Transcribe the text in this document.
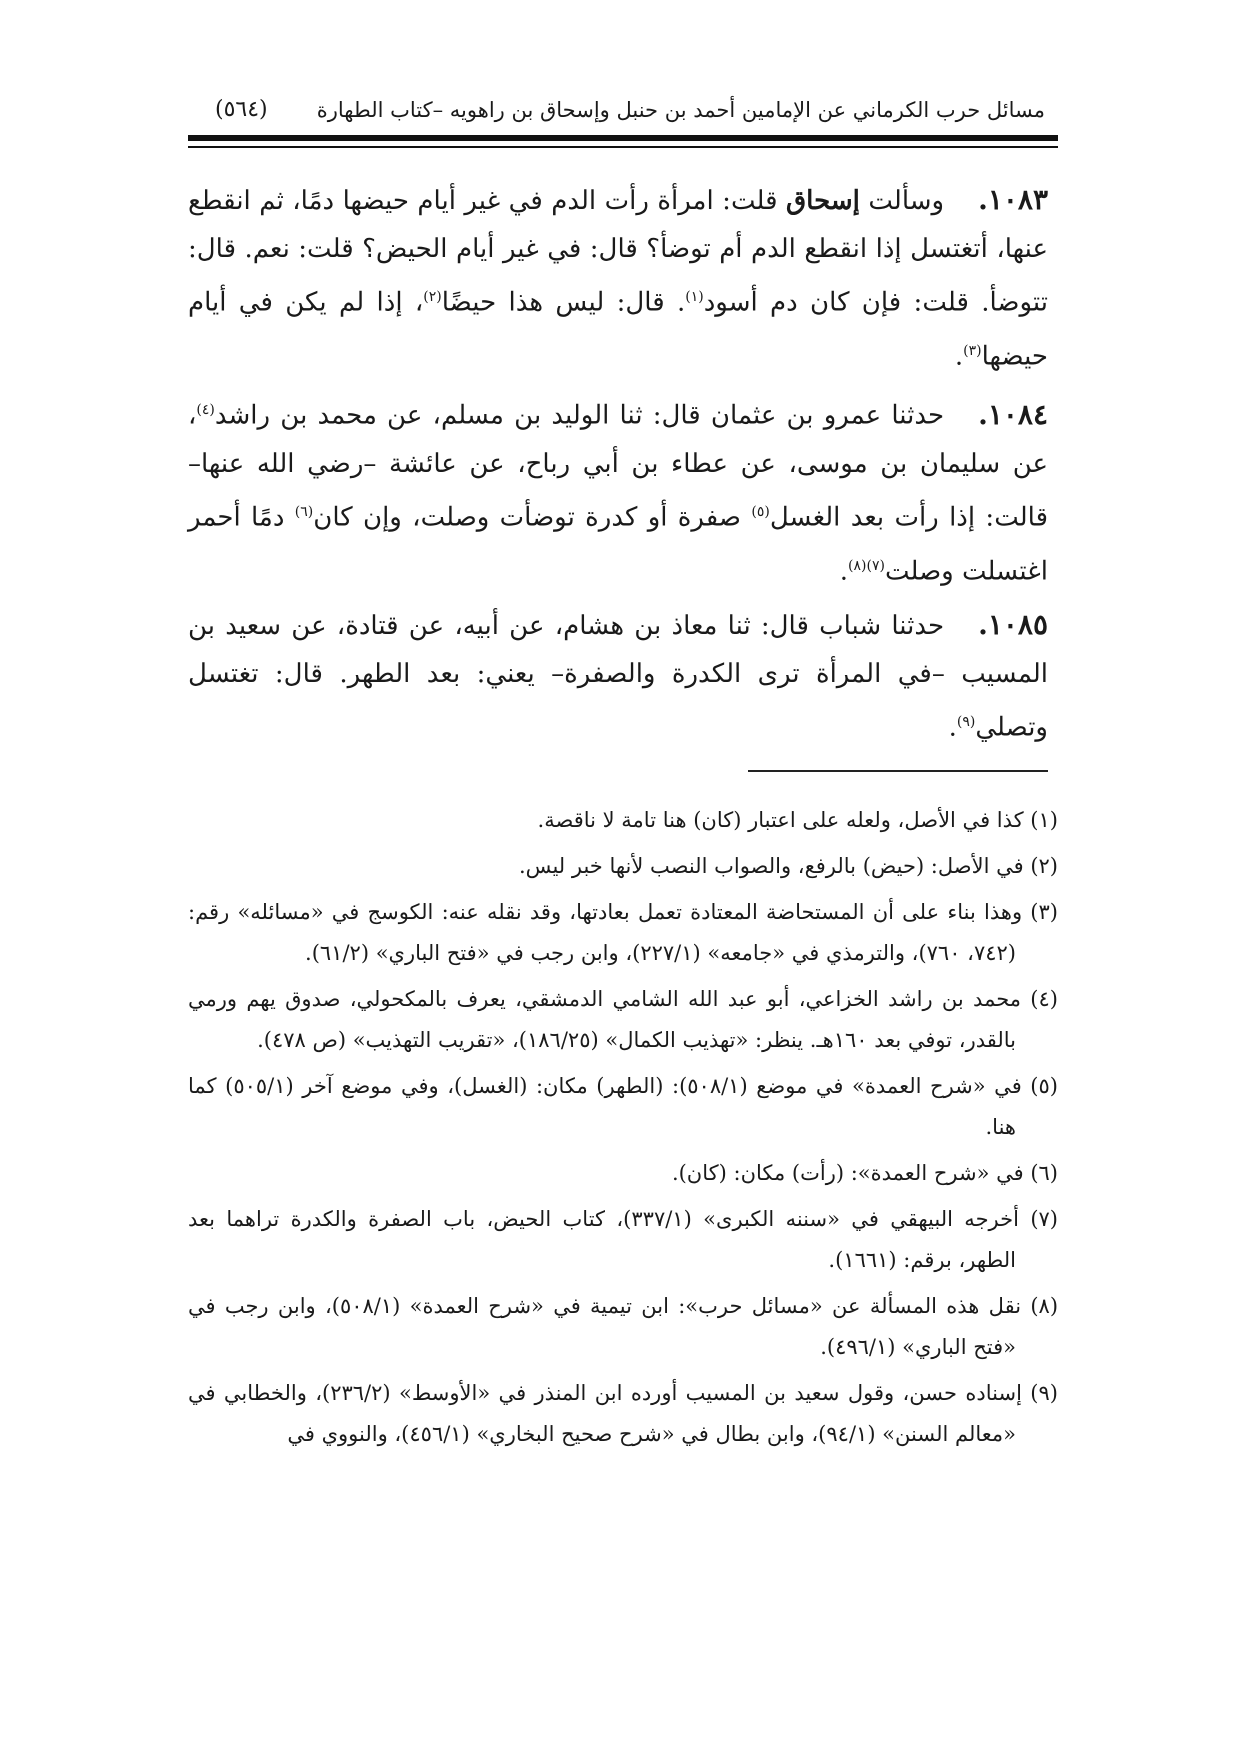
مسائل حرب الكرماني عن الإمامين أحمد بن حنبل وإسحاق بن راهويه –كتاب الطهارة
(٥٦٤)

١٠٨٣.وسألت إسحاق قلت: امرأة رأت الدم في غير أيام حيضها دمًا، ثم انقطع عنها، أتغتسل إذا انقطع الدم أم توضأ؟ قال: في غير أيام الحيض؟ قلت: نعم. قال: تتوضأ. قلت: فإن كان دم أسود$^{(١)}$. قال: ليس هذا حيضًا$^{(٢)}$، إذا لم يكن في أيام حيضها$^{(٣)}$.

١٠٨٤.حدثنا عمرو بن عثمان قال: ثنا الوليد بن مسلم، عن محمد بن راشد$^{(٤)}$، عن سليمان بن موسى، عن عطاء بن أبي رباح، عن عائشة –رضي الله عنها– قالت: إذا رأت بعد الغسل$^{(٥)}$ صفرة أو كدرة توضأت وصلت، وإن كان$^{(٦)}$ دمًا أحمر اغتسلت وصلت$^{(٧)(٨)}$.

١٠٨٥.حدثنا شباب قال: ثنا معاذ بن هشام، عن أبيه، عن قتادة، عن سعيد بن المسيب –في المرأة ترى الكدرة والصفرة– يعني: بعد الطهر. قال: تغتسل وتصلي$^{(٩)}$.

(١) كذا في الأصل، ولعله على اعتبار (كان) هنا تامة لا ناقصة.

(٢) في الأصل: (حيض) بالرفع، والصواب النصب لأنها خبر ليس.

(٣) وهذا بناء على أن المستحاضة المعتادة تعمل بعادتها، وقد نقله عنه: الكوسج في «مسائله» رقم: (٧٤٢، ٧٦٠)، والترمذي في «جامعه» (٢٢٧/١)، وابن رجب في «فتح الباري» (٦١/٢).

(٤) محمد بن راشد الخزاعي، أبو عبد الله الشامي الدمشقي، يعرف بالمكحولي، صدوق يهم ورمي بالقدر، توفي بعد ١٦٠هـ. ينظر: «تهذيب الكمال» (١٨٦/٢٥)، «تقريب التهذيب» (ص ٤٧٨).

(٥) في «شرح العمدة» في موضع (٥٠٨/١): (الطهر) مكان: (الغسل)، وفي موضع آخر (٥٠٥/١) كما هنا.

(٦) في «شرح العمدة»: (رأت) مكان: (كان).

(٧) أخرجه البيهقي في «سننه الكبرى» (٣٣٧/١)، كتاب الحيض، باب الصفرة والكدرة تراهما بعد الطهر، برقم: (١٦٦١).

(٨) نقل هذه المسألة عن «مسائل حرب»: ابن تيمية في «شرح العمدة» (٥٠٨/١)، وابن رجب في «فتح الباري» (٤٩٦/١).

(٩) إسناده حسن، وقول سعيد بن المسيب أورده ابن المنذر في «الأوسط» (٢٣٦/٢)، والخطابي في «معالم السنن» (٩٤/١)، وابن بطال في «شرح صحيح البخاري» (٤٥٦/١)، والنووي في
